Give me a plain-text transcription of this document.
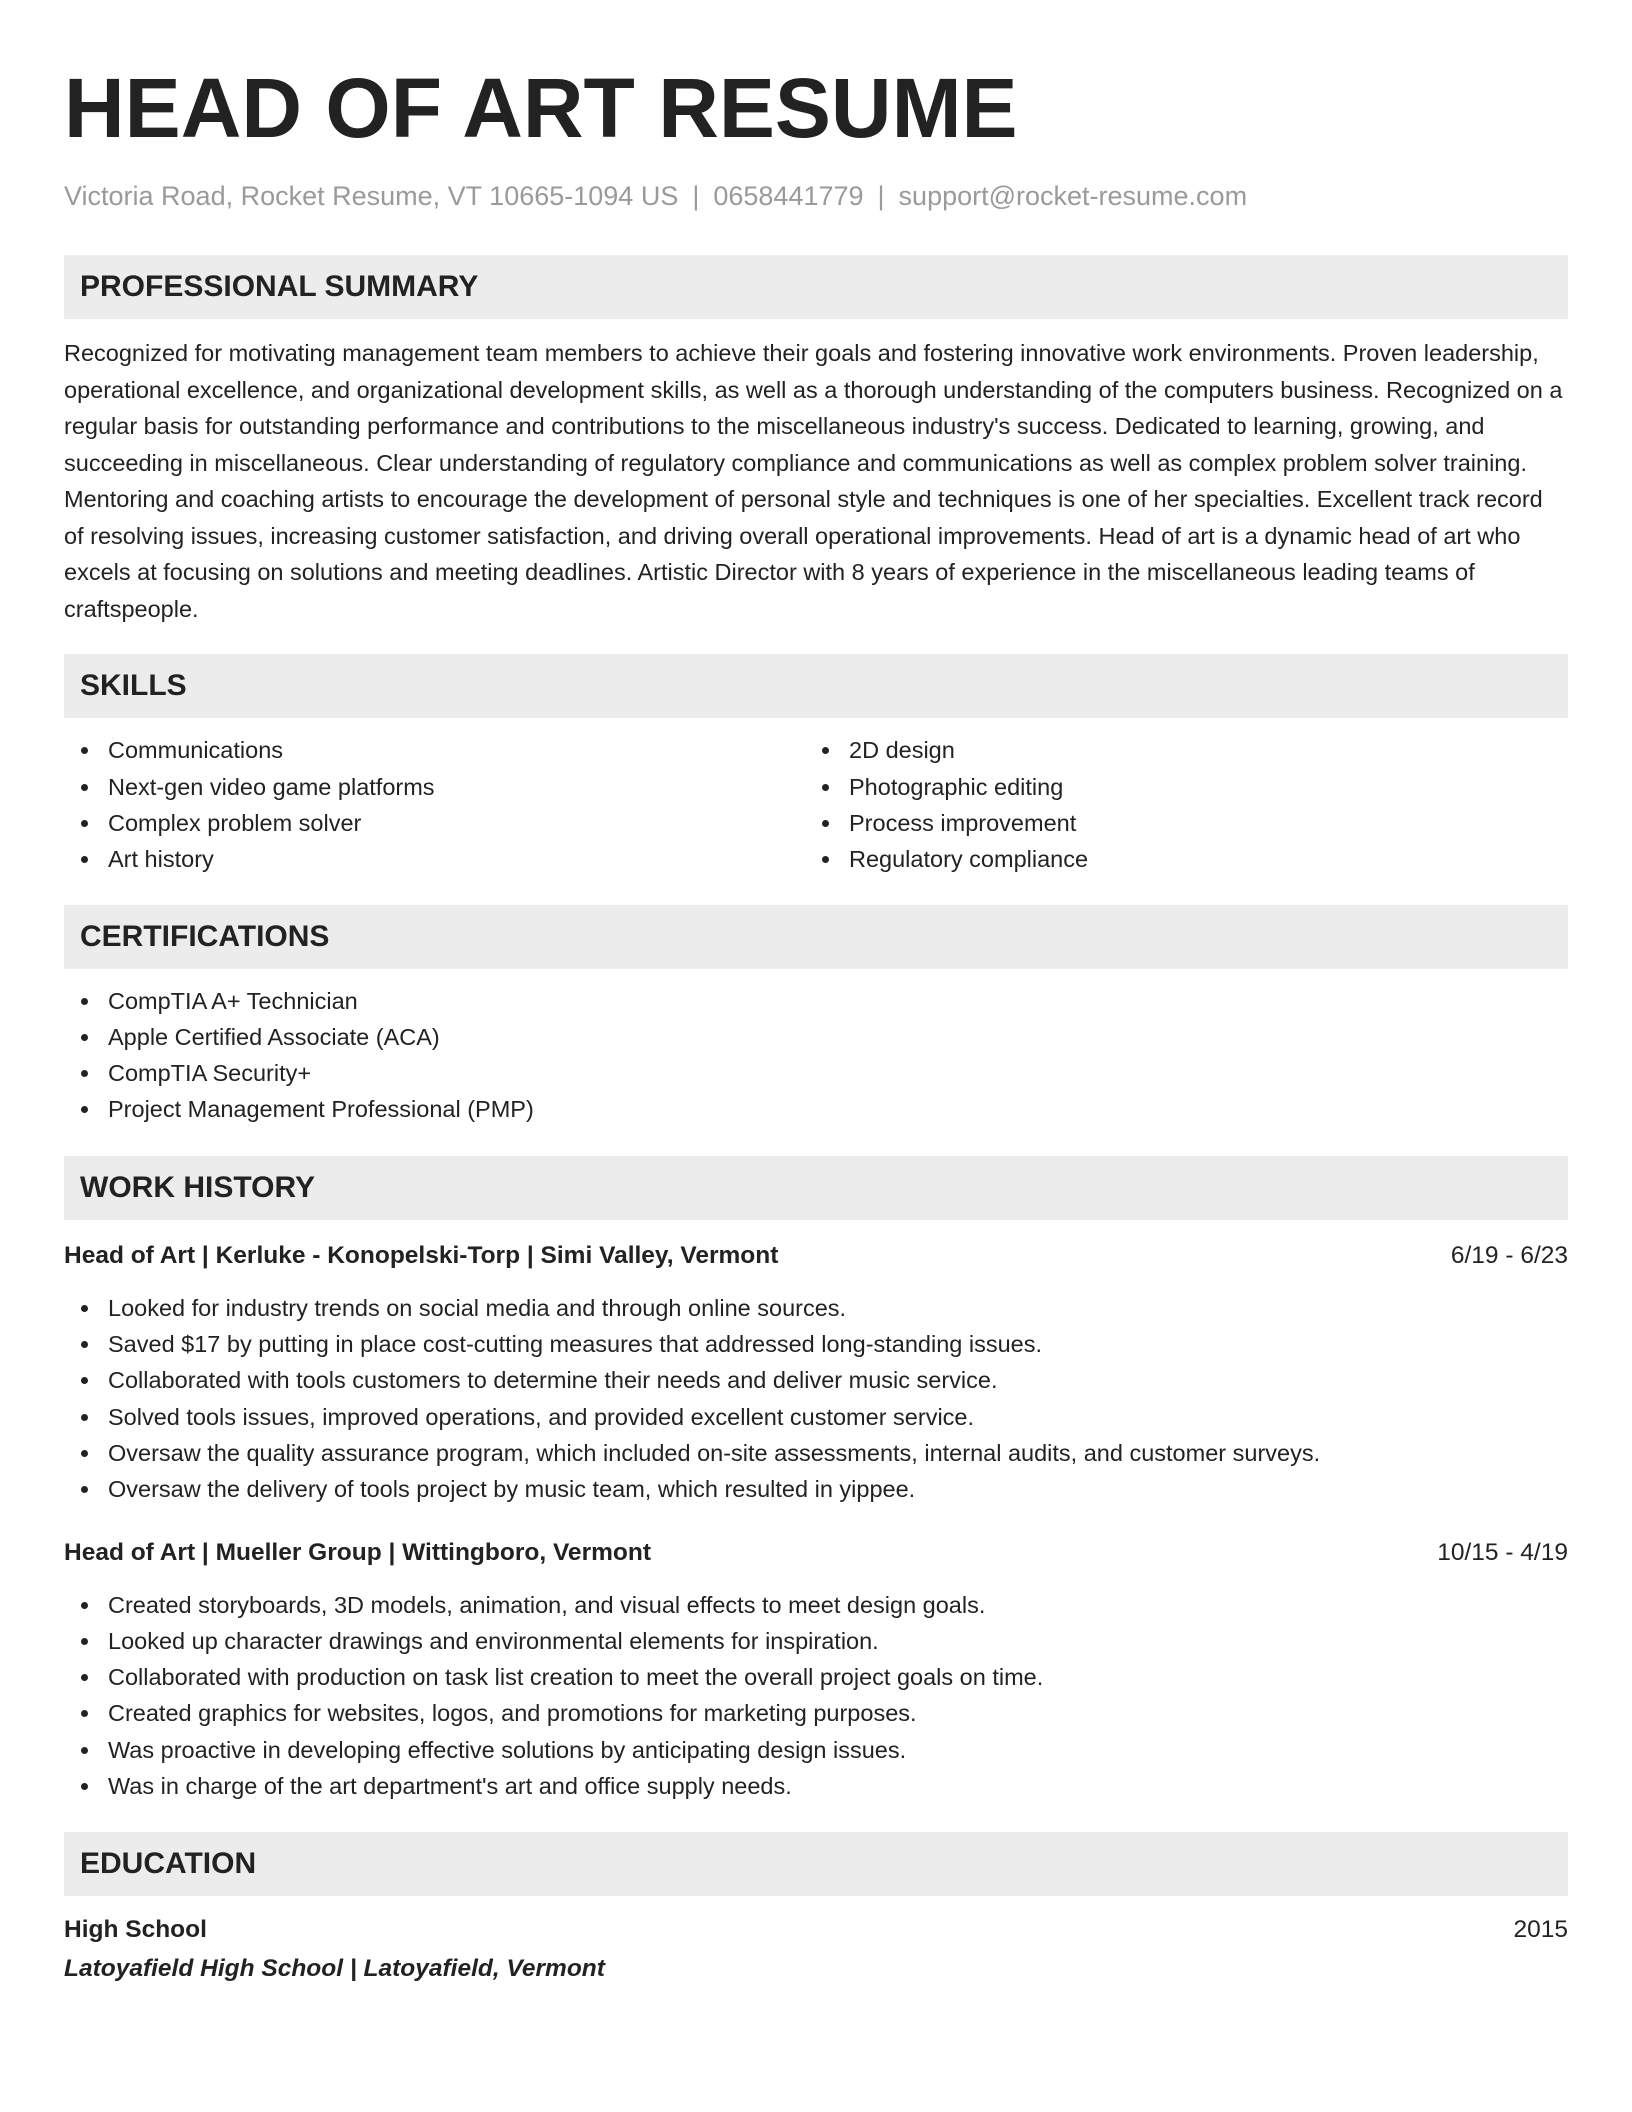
HEAD OF ART RESUME
Victoria Road, Rocket Resume, VT 10665-1094 US | 0658441779 | support@rocket-resume.com
PROFESSIONAL SUMMARY

Recognized for motivating management team members to achieve their goals and fostering innovative work environments. Proven leadership, operational excellence, and organizational development skills, as well as a thorough understanding of the computers business. Recognized on a regular basis for outstanding performance and contributions to the miscellaneous industry's success. Dedicated to learning, growing, and succeeding in miscellaneous. Clear understanding of regulatory compliance and communications as well as complex problem solver training. Mentoring and coaching artists to encourage the development of personal style and techniques is one of her specialties. Excellent track record of resolving issues, increasing customer satisfaction, and driving overall operational improvements. Head of art is a dynamic head of art who excels at focusing on solutions and meeting deadlines. Artistic Director with 8 years of experience in the miscellaneous leading teams of craftspeople.

SKILLS
Communications
Next-gen video game platforms
Complex problem solver
Art history
2D design
Photographic editing
Process improvement
Regulatory compliance
CERTIFICATIONS
CompTIA A+ Technician
Apple Certified Associate (ACA)
CompTIA Security+
Project Management Professional (PMP)
WORK HISTORY
Head of Art | Kerluke - Konopelski-Torp | Simi Valley, Vermont	6/19 - 6/23
Looked for industry trends on social media and through online sources.
Saved $17 by putting in place cost-cutting measures that addressed long-standing issues.
Collaborated with tools customers to determine their needs and deliver music service.
Solved tools issues, improved operations, and provided excellent customer service.
Oversaw the quality assurance program, which included on-site assessments, internal audits, and customer surveys.
Oversaw the delivery of tools project by music team, which resulted in yippee.
Head of Art | Mueller Group | Wittingboro, Vermont	10/15 - 4/19
Created storyboards, 3D models, animation, and visual effects to meet design goals.
Looked up character drawings and environmental elements for inspiration.
Collaborated with production on task list creation to meet the overall project goals on time.
Created graphics for websites, logos, and promotions for marketing purposes.
Was proactive in developing effective solutions by anticipating design issues.
Was in charge of the art department's art and office supply needs.
EDUCATION
High School	2015
Latoyafield High School | Latoyafield, Vermont
